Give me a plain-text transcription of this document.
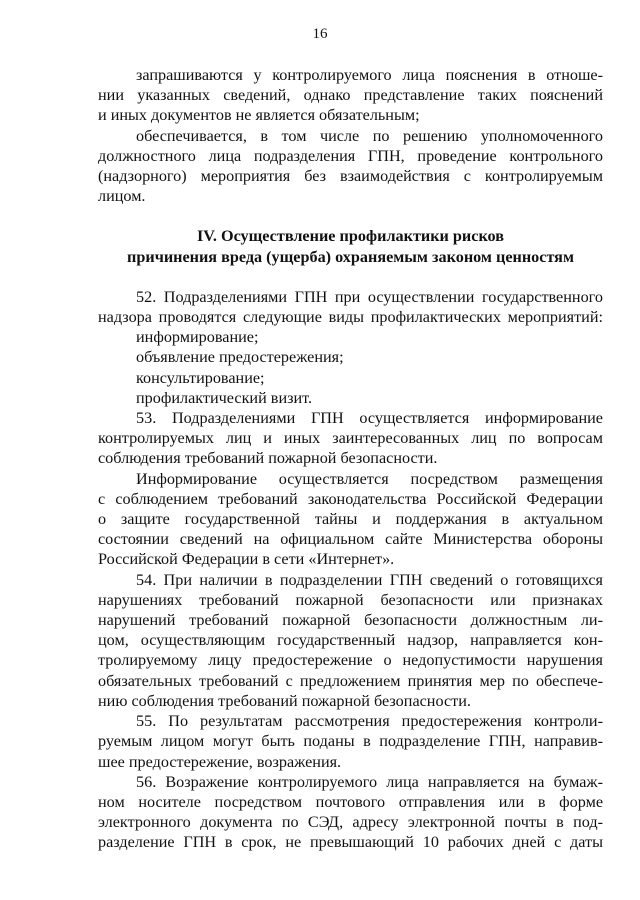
16
запрашиваются у контролируемого лица пояснения в отноше-
нии указанных сведений, однако представление таких пояснений
и иных документов не является обязательным;
обеспечивается, в том числе по решению уполномоченного
должностного лица подразделения ГПН, проведение контрольного
(надзорного) мероприятия без взаимодействия с контролируемым
лицом.
IV. Осуществление профилактики рисков
причинения вреда (ущерба) охраняемым законом ценностям
52. Подразделениями ГПН при осуществлении государственного
надзора проводятся следующие виды профилактических мероприятий:
информирование;
объявление предостережения;
консультирование;
профилактический визит.
53. Подразделениями ГПН осуществляется информирование
контролируемых лиц и иных заинтересованных лиц по вопросам
соблюдения требований пожарной безопасности.
Информирование осуществляется посредством размещения
с соблюдением требований законодательства Российской Федерации
о защите государственной тайны и поддержания в актуальном
состоянии сведений на официальном сайте Министерства обороны
Российской Федерации в сети «Интернет».
54. При наличии в подразделении ГПН сведений о готовящихся
нарушениях требований пожарной безопасности или признаках
нарушений требований пожарной безопасности должностным ли-
цом, осуществляющим государственный надзор, направляется кон-
тролируемому лицу предостережение о недопустимости нарушения
обязательных требований с предложением принятия мер по обеспече-
нию соблюдения требований пожарной безопасности.
55. По результатам рассмотрения предостережения контроли-
руемым лицом могут быть поданы в подразделение ГПН, направив-
шее предостережение, возражения.
56. Возражение контролируемого лица направляется на бумаж-
ном носителе посредством почтового отправления или в форме
электронного документа по СЭД, адресу электронной почты в под-
разделение ГПН в срок, не превышающий 10 рабочих дней с даты
